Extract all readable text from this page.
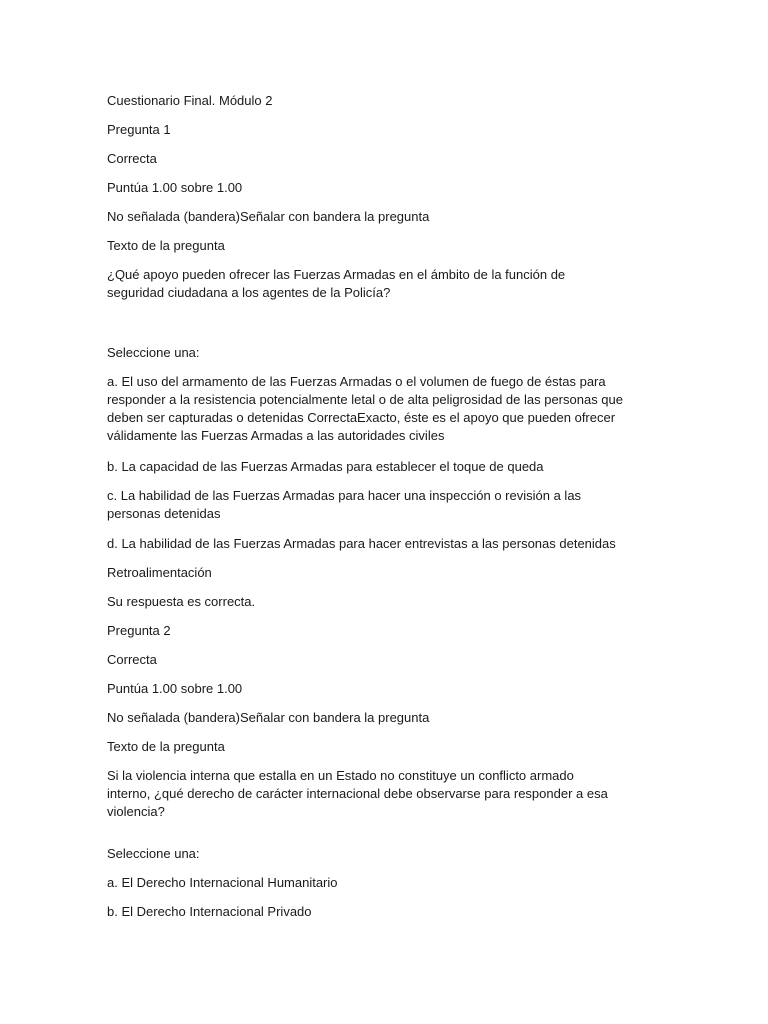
Cuestionario Final. Módulo 2
Pregunta 1
Correcta
Puntúa 1.00 sobre 1.00
No señalada (bandera)Señalar con bandera la pregunta
Texto de la pregunta
¿Qué apoyo pueden ofrecer las Fuerzas Armadas en el ámbito de la función de seguridad ciudadana a los agentes de la Policía?
Seleccione una:
a. El uso del armamento de las Fuerzas Armadas o el volumen de fuego de éstas para responder a la resistencia potencialmente letal o de alta peligrosidad de las personas que deben ser capturadas o detenidas CorrectaExacto, éste es el apoyo que pueden ofrecer válidamente las Fuerzas Armadas a las autoridades civiles
b. La capacidad de las Fuerzas Armadas para establecer el toque de queda
c. La habilidad de las Fuerzas Armadas para hacer una inspección o revisión a las personas detenidas
d. La habilidad de las Fuerzas Armadas para hacer entrevistas a las personas detenidas
Retroalimentación
Su respuesta es correcta.
Pregunta 2
Correcta
Puntúa 1.00 sobre 1.00
No señalada (bandera)Señalar con bandera la pregunta
Texto de la pregunta
Si la violencia interna que estalla en un Estado no constituye un conflicto armado interno, ¿qué derecho de carácter internacional debe observarse para responder a esa violencia?
Seleccione una:
a. El Derecho Internacional Humanitario
b. El Derecho Internacional Privado
